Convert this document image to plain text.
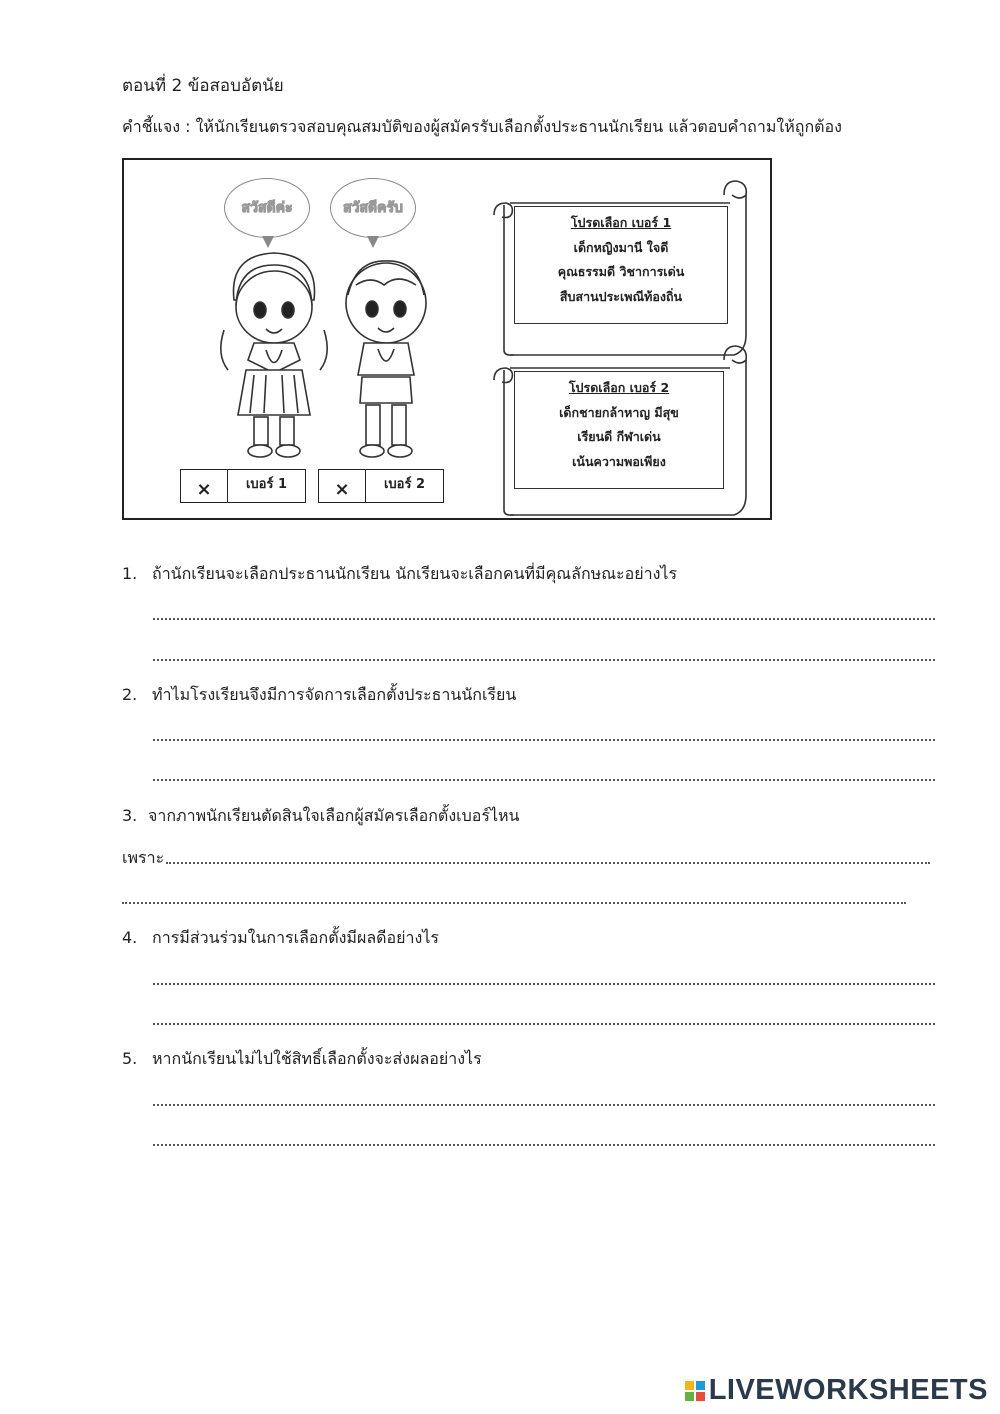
ตอนที่ 2 ข้อสอบอัตนัย
คำชี้แจง : ให้นักเรียนตรวจสอบคุณสมบัติของผู้สมัครรับเลือกตั้งประธานนักเรียน แล้วตอบคำถามให้ถูกต้อง
สวัสดีค่ะ	สวัสดีครับ
×	เบอร์ 1	×	เบอร์ 2
โปรดเลือก เบอร์ 1
เด็กหญิงมานี ใจดี
คุณธรรมดี วิชาการเด่น
สืบสานประเพณีท้องถิ่น
โปรดเลือก เบอร์ 2
เด็กชายกล้าหาญ มีสุข
เรียนดี กีฬาเด่น
เน้นความพอเพียง
1. ถ้านักเรียนจะเลือกประธานนักเรียน นักเรียนจะเลือกคนที่มีคุณลักษณะอย่างไร
2. ทำไมโรงเรียนจึงมีการจัดการเลือกตั้งประธานนักเรียน
3. จากภาพนักเรียนตัดสินใจเลือกผู้สมัครเลือกตั้งเบอร์ไหน
เพราะ
4. การมีส่วนร่วมในการเลือกตั้งมีผลดีอย่างไร
5. หากนักเรียนไม่ไปใช้สิทธิ์เลือกตั้งจะส่งผลอย่างไร
LIVEWORKSHEETS
